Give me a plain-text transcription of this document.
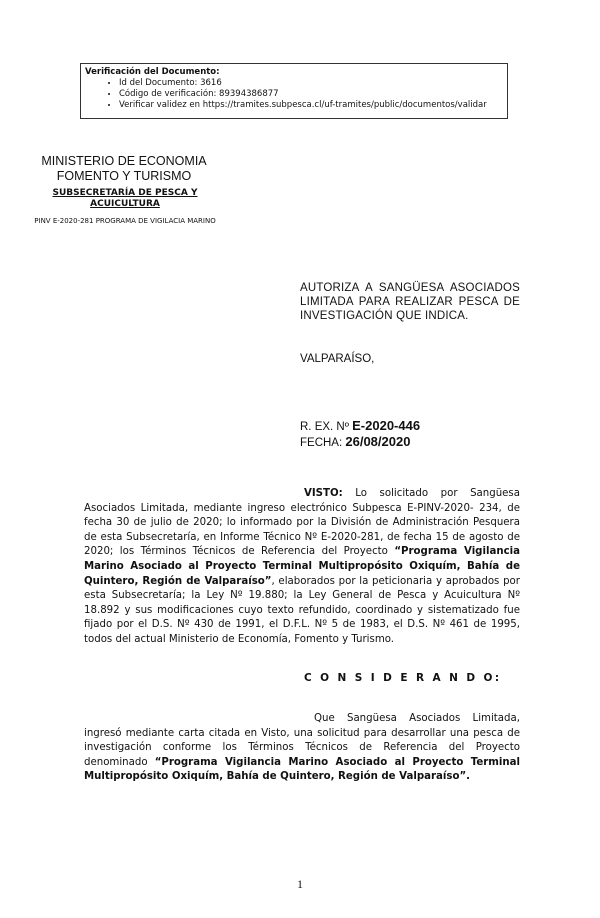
Verificación del Documento:
• Id del Documento: 3616
• Código de verificación: 89394386877
• Verificar validez en https://tramites.subpesca.cl/uf-tramites/public/documentos/validar
MINISTERIO DE ECONOMIA
FOMENTO Y TURISMO
SUBSECRETARÍA DE PESCA Y ACUICULTURA
PINV E-2020-281 PROGRAMA DE VIGILACIA MARINO
AUTORIZA A SANGÜESA ASOCIADOS LIMITADA PARA REALIZAR PESCA DE INVESTIGACIÓN QUE INDICA.
VALPARAÍSO,
R. EX. Nº E-2020-446
FECHA: 26/08/2020
VISTO: Lo solicitado por Sangüesa Asociados Limitada, mediante ingreso electrónico Subpesca E-PINV-2020- 234, de fecha 30 de julio de 2020; lo informado por la División de Administración Pesquera de esta Subsecretaría, en Informe Técnico Nº E-2020-281, de fecha 15 de agosto de 2020; los Términos Técnicos de Referencia del Proyecto “Programa Vigilancia Marino Asociado al Proyecto Terminal Multipropósito Oxiquím, Bahía de Quintero, Región de Valparaíso”, elaborados por la peticionaria y aprobados por esta Subsecretaría; la Ley Nº 19.880; la Ley General de Pesca y Acuicultura Nº 18.892 y sus modificaciones cuyo texto refundido, coordinado y sistematizado fue fijado por el D.S. Nº 430 de 1991, el D.F.L. Nº 5 de 1983, el D.S. Nº 461 de 1995, todos del actual Ministerio de Economía, Fomento y Turismo.
C O N S I D E R A N D O:
Que Sangüesa Asociados Limitada, ingresó mediante carta citada en Visto, una solicitud para desarrollar una pesca de investigación conforme los Términos Técnicos de Referencia del Proyecto denominado “Programa Vigilancia Marino Asociado al Proyecto Terminal Multipropósito Oxiquím, Bahía de Quintero, Región de Valparaíso”.
1
